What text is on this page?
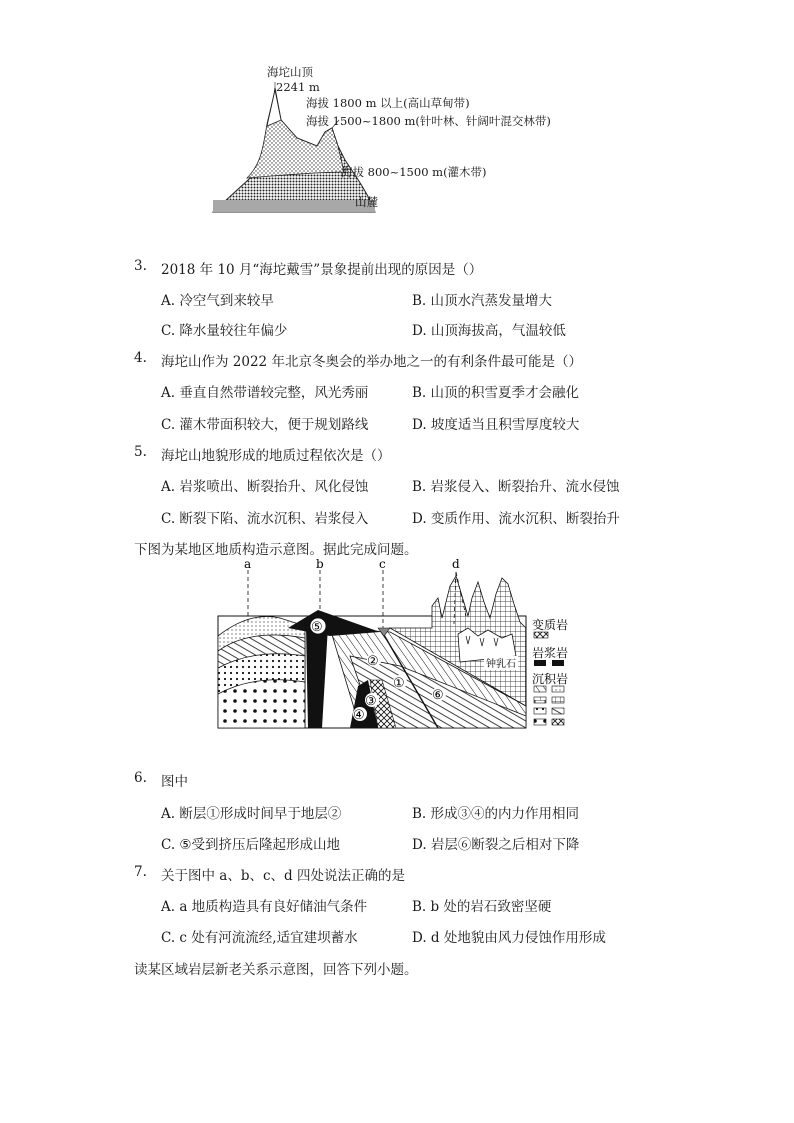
海坨山顶
2241 m
海拔 1800 m 以上(高山草甸带)
海拔 1500~1800 m(针叶林、针阔叶混交林带)
海拔 800~1500 m(灌木带)
山麓
3. 2018 年 10 月“海坨戴雪”景象提前出现的原因是（）
A. 冷空气到来较早	B. 山顶水汽蒸发量增大
C. 降水量较往年偏少	D. 山顶海拔高，气温较低
4. 海坨山作为 2022 年北京冬奥会的举办地之一的有利条件最可能是（）
A. 垂直自然带谱较完整，风光秀丽	B. 山顶的积雪夏季才会融化
C. 灌木带面积较大，便于规划路线	D. 坡度适当且积雪厚度较大
5. 海坨山地貌形成的地质过程依次是（）
A. 岩浆喷出、断裂抬升、风化侵蚀	B. 岩浆侵入、断裂抬升、流水侵蚀
C. 断裂下陷、流水沉积、岩浆侵入	D. 变质作用、流水沉积、断裂抬升
下图为某地区地质构造示意图。据此完成问题。
a	b	c	d
⑤
②
①
③
④
⑥
钟乳石
变质岩
岩浆岩
沉积岩
6. 图中
A. 断层①形成时间早于地层②	B. 形成③④的内力作用相同
C. ⑤受到挤压后隆起形成山地	D. 岩层⑥断裂之后相对下降
7. 关于图中 a、b、c、d 四处说法正确的是
A. a 地质构造具有良好储油气条件	B. b 处的岩石致密坚硬
C. c 处有河流流经,适宜建坝蓄水	D. d 处地貌由风力侵蚀作用形成
读某区域岩层新老关系示意图，回答下列小题。
